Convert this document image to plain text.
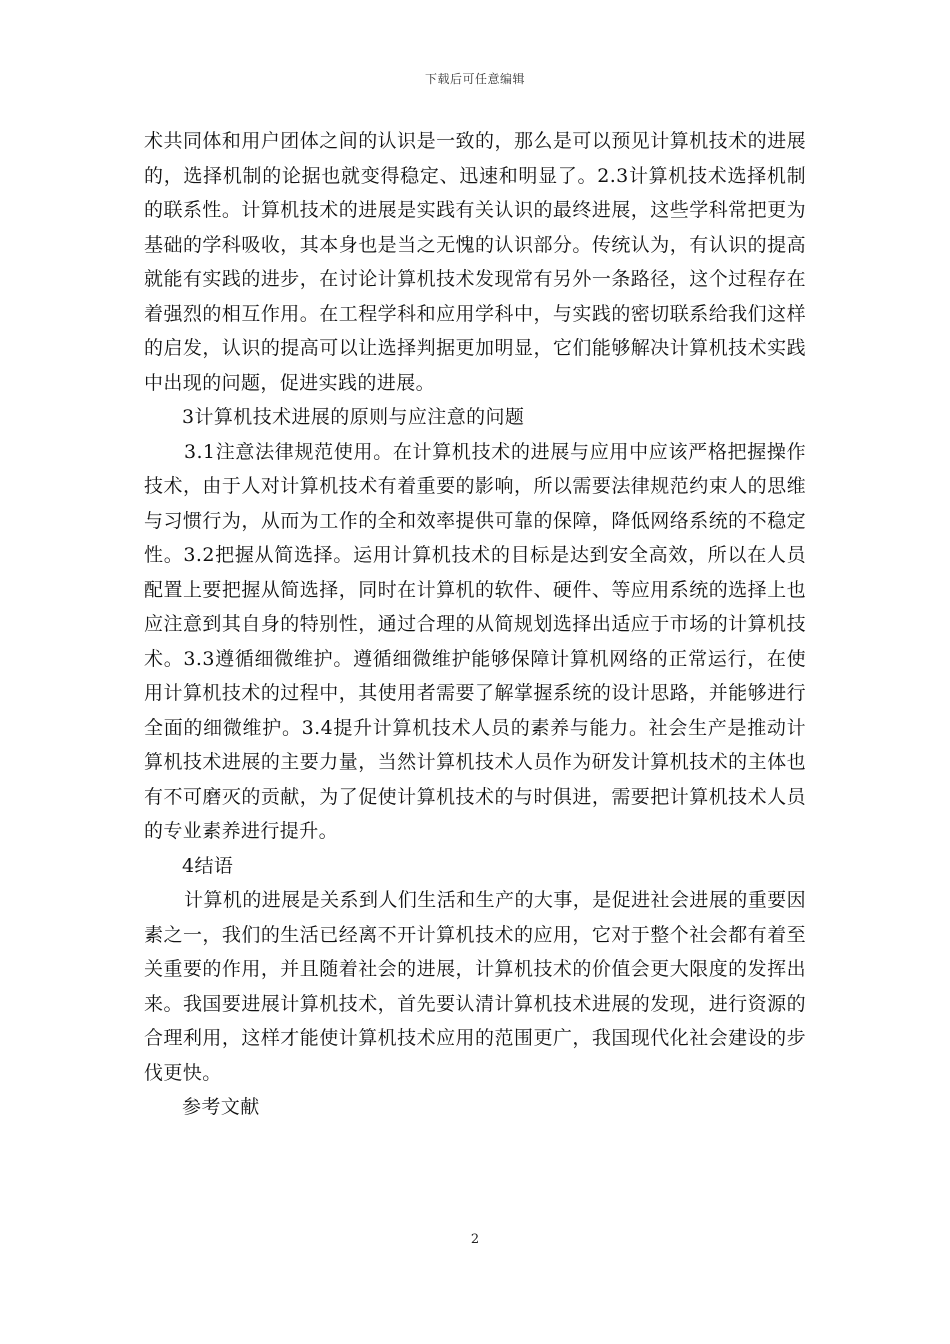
下载后可任意编辑

术共同体和用户团体之间的认识是一致的，那么是可以预见计算机技术的进展的，选择机制的论据也就变得稳定、迅速和明显了。2.3计算机技术选择机制的联系性。计算机技术的进展是实践有关认识的最终进展，这些学科常把更为基础的学科吸收，其本身也是当之无愧的认识部分。传统认为，有认识的提高就能有实践的进步，在讨论计算机技术发现常有另外一条路径，这个过程存在着强烈的相互作用。在工程学科和应用学科中，与实践的密切联系给我们这样的启发，认识的提高可以让选择判据更加明显，它们能够解决计算机技术实践中出现的问题，促进实践的进展。

3计算机技术进展的原则与应注意的问题

3.1注意法律规范使用。在计算机技术的进展与应用中应该严格把握操作技术，由于人对计算机技术有着重要的影响，所以需要法律规范约束人的思维与习惯行为，从而为工作的全和效率提供可靠的保障，降低网络系统的不稳定性。3.2把握从简选择。运用计算机技术的目标是达到安全高效，所以在人员配置上要把握从简选择，同时在计算机的软件、硬件、等应用系统的选择上也应注意到其自身的特别性，通过合理的从简规划选择出适应于市场的计算机技术。3.3遵循细微维护。遵循细微维护能够保障计算机网络的正常运行，在使用计算机技术的过程中，其使用者需要了解掌握系统的设计思路，并能够进行全面的细微维护。3.4提升计算机技术人员的素养与能力。社会生产是推动计算机技术进展的主要力量，当然计算机技术人员作为研发计算机技术的主体也有不可磨灭的贡献，为了促使计算机技术的与时俱进，需要把计算机技术人员的专业素养进行提升。

4结语

计算机的进展是关系到人们生活和生产的大事，是促进社会进展的重要因素之一，我们的生活已经离不开计算机技术的应用，它对于整个社会都有着至关重要的作用，并且随着社会的进展，计算机技术的价值会更大限度的发挥出来。我国要进展计算机技术，首先要认清计算机技术进展的发现，进行资源的合理利用，这样才能使计算机技术应用的范围更广，我国现代化社会建设的步伐更快。

参考文献

2
